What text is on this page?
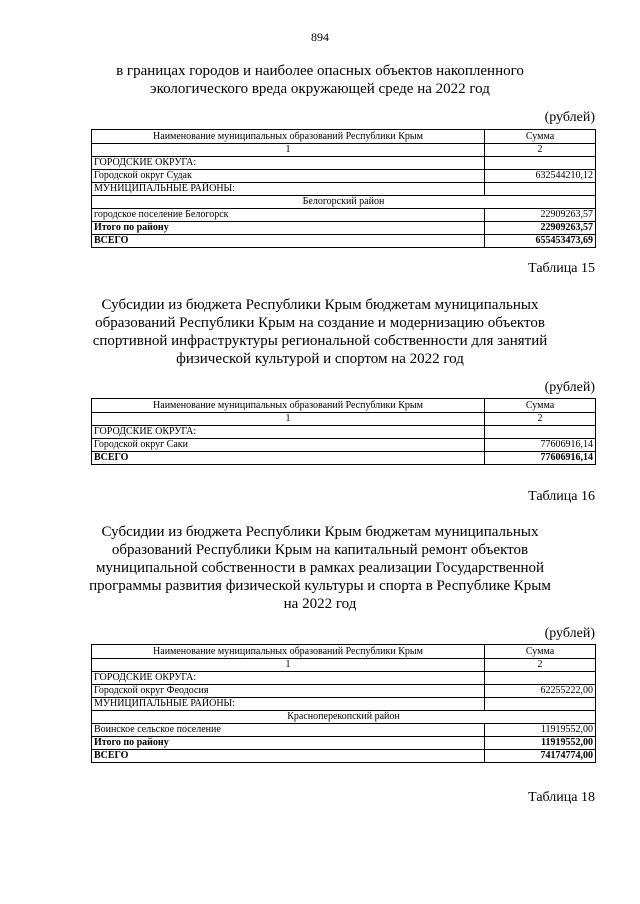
894
в границах городов и наиболее опасных объектов накопленного
экологического вреда окружающей среде на 2022 год
(рублей)
Наименование муниципальных образований Республики Крым	Сумма
1	2
ГОРОДСКИЕ ОКРУГА:	
Городской округ Судак	632544210,12
МУНИЦИПАЛЬНЫЕ РАЙОНЫ:	
Белогорский район	
городское поселение Белогорск	22909263,57
Итого по району	22909263,57
ВСЕГО	655453473,69
Таблица 15
Субсидии из бюджета Республики Крым бюджетам муниципальных
образований Республики Крым на создание и модернизацию объектов
спортивной инфраструктуры региональной собственности для занятий
физической культурой и спортом на 2022 год
(рублей)
Наименование муниципальных образований Республики Крым	Сумма
1	2
ГОРОДСКИЕ ОКРУГА:	
Городской округ Саки	77606916,14
ВСЕГО	77606916,14
Таблица 16
Субсидии из бюджета Республики Крым бюджетам муниципальных
образований Республики Крым на капитальный ремонт объектов
муниципальной собственности в рамках реализации Государственной
программы развития физической культуры и спорта в Республике Крым
на 2022 год
(рублей)
Наименование муниципальных образований Республики Крым	Сумма
1	2
ГОРОДСКИЕ ОКРУГА:	
Городской округ Феодосия	62255222,00
МУНИЦИПАЛЬНЫЕ РАЙОНЫ:	
Красноперекопский район	
Воинское сельское поселение	11919552,00
Итого по району	11919552,00
ВСЕГО	74174774,00
Таблица 18
